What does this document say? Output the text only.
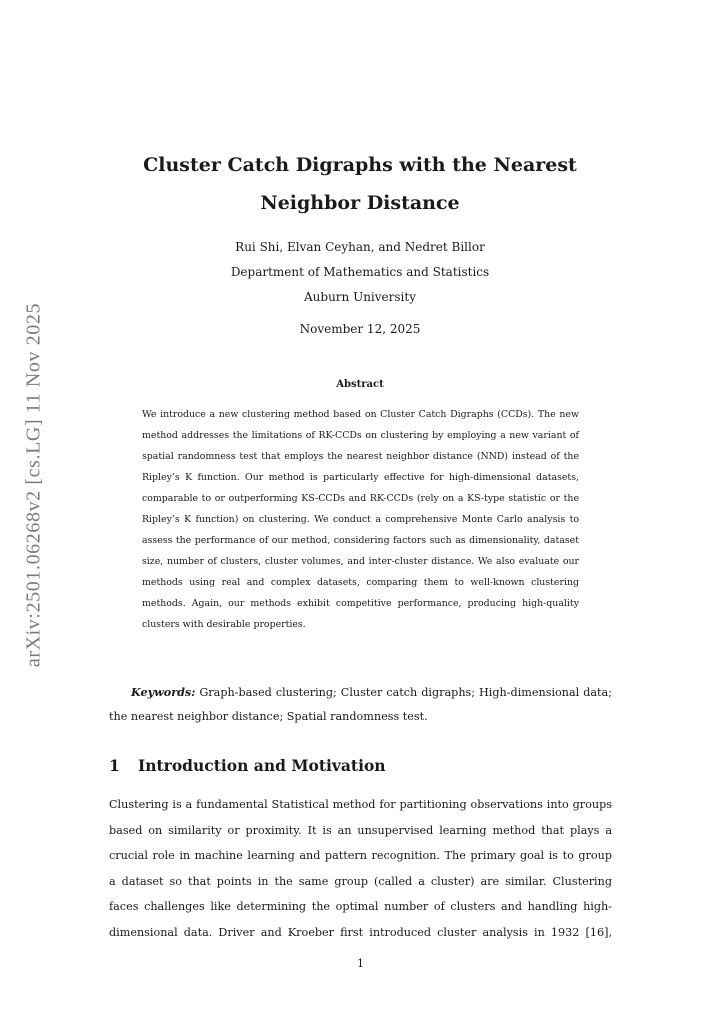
arXiv:2501.06268v2 [cs.LG] 11 Nov 2025
Cluster Catch Digraphs with the Nearest
Neighbor Distance
Rui Shi, Elvan Ceyhan, and Nedret Billor
Department of Mathematics and Statistics
Auburn University
November 12, 2025
Abstract
We introduce a new clustering method based on Cluster Catch Digraphs (CCDs). The new method addresses the limitations of RK-CCDs on clustering by employing a new variant of spatial randomness test that employs the nearest neighbor distance (NND) instead of the Ripley’s K function. Our method is particularly effective for high-dimensional datasets, comparable to or outperforming KS-CCDs and RK-CCDs (rely on a KS-type statistic or the Ripley’s K function) on clustering. We conduct a comprehensive Monte Carlo analysis to assess the performance of our method, considering factors such as dimensionality, dataset size, number of clusters, cluster volumes, and inter-cluster distance. We also evaluate our methods using real and complex datasets, comparing them to well-known clustering methods. Again, our methods exhibit competitive performance, producing high-quality clusters with desirable properties.
Keywords: Graph-based clustering; Cluster catch digraphs; High-dimensional data; the nearest neighbor distance; Spatial randomness test.
1 Introduction and Motivation
Clustering is a fundamental Statistical method for partitioning observations into groups
based on similarity or proximity. It is an unsupervised learning method that plays a
crucial role in machine learning and pattern recognition. The primary goal is to group
a dataset so that points in the same group (called a cluster) are similar. Clustering
faces challenges like determining the optimal number of clusters and handling high-
dimensional data. Driver and Kroeber first introduced cluster analysis in 1932 [16],
1
